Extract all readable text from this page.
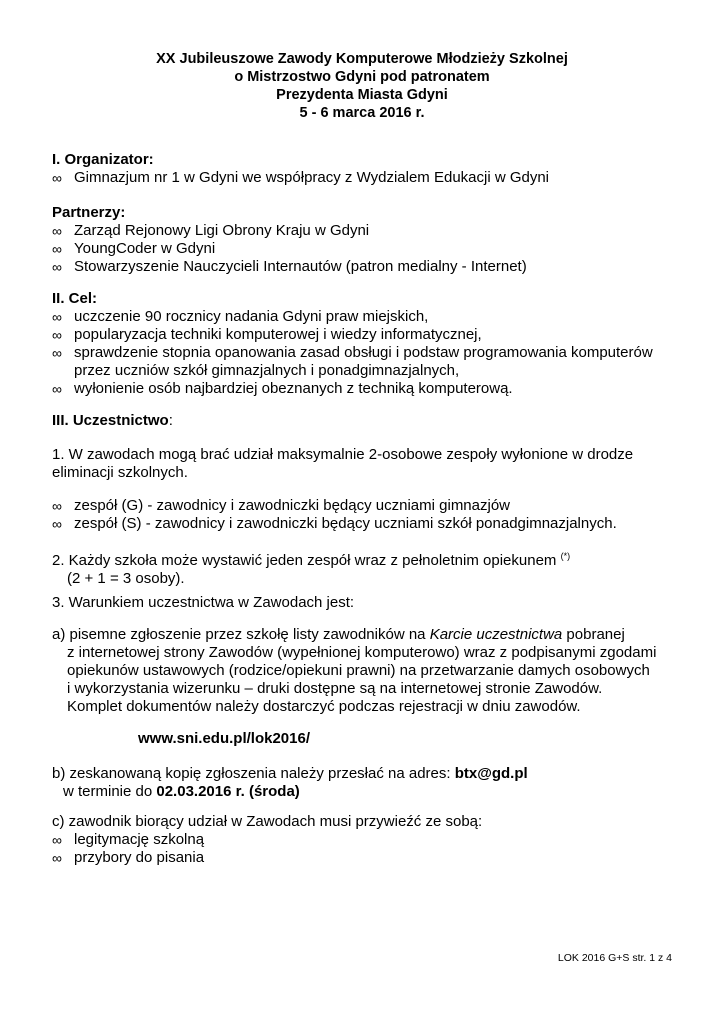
XX Jubileuszowe Zawody Komputerowe Młodzieży Szkolnej
o Mistrzostwo Gdyni pod patronatem
Prezydenta Miasta Gdyni
5 - 6 marca 2016 r.
I. Organizator:
∞ Gimnazjum nr 1 w Gdyni we współpracy z Wydzialem Edukacji w Gdyni
Partnerzy:
∞ Zarząd Rejonowy Ligi Obrony Kraju w Gdyni
∞ YoungCoder w Gdyni
∞ Stowarzyszenie Nauczycieli Internautów (patron medialny - Internet)
II. Cel:
∞ uczczenie 90 rocznicy nadania Gdyni praw miejskich,
∞ popularyzacja techniki komputerowej i wiedzy informatycznej,
∞ sprawdzenie stopnia opanowania zasad obsługi i podstaw programowania komputerów
przez uczniów szkół gimnazjalnych i ponadgimnazjalnych,
∞ wyłonienie osób najbardziej obeznanych z techniką komputerową.
III. Uczestnictwo:
1. W zawodach mogą brać udział maksymalnie 2-osobowe zespoły wyłonione w drodze
eliminacji szkolnych.
∞ zespół (G) - zawodnicy i zawodniczki będący uczniami gimnazjów
∞ zespół (S) - zawodnicy i zawodniczki będący uczniami szkół ponadgimnazjalnych.
2. Każdy szkoła może wystawić jeden zespół wraz z pełnoletnim opiekunem (*)
(2 + 1 = 3 osoby).
3. Warunkiem uczestnictwa w Zawodach jest:
a) pisemne zgłoszenie przez szkołę listy zawodników na Karcie uczestnictwa pobranej
z internetowej strony Zawodów (wypełnionej komputerowo) wraz z podpisanymi zgodami
opiekunów ustawowych (rodzice/opiekuni prawni) na przetwarzanie damych osobowych
i wykorzystania wizerunku – druki dostępne są na internetowej stronie Zawodów.
Komplet dokumentów należy dostarczyć podczas rejestracji w dniu zawodów.
www.sni.edu.pl/lok2016/
b) zeskanowaną kopię zgłoszenia należy przesłać na adres: btx@gd.pl
w terminie do 02.03.2016 r. (środa)
c) zawodnik biorący udział w Zawodach musi przywieźć ze sobą:
∞ legitymację szkolną
∞ przybory do pisania
LOK 2016 G+S str. 1 z 4
